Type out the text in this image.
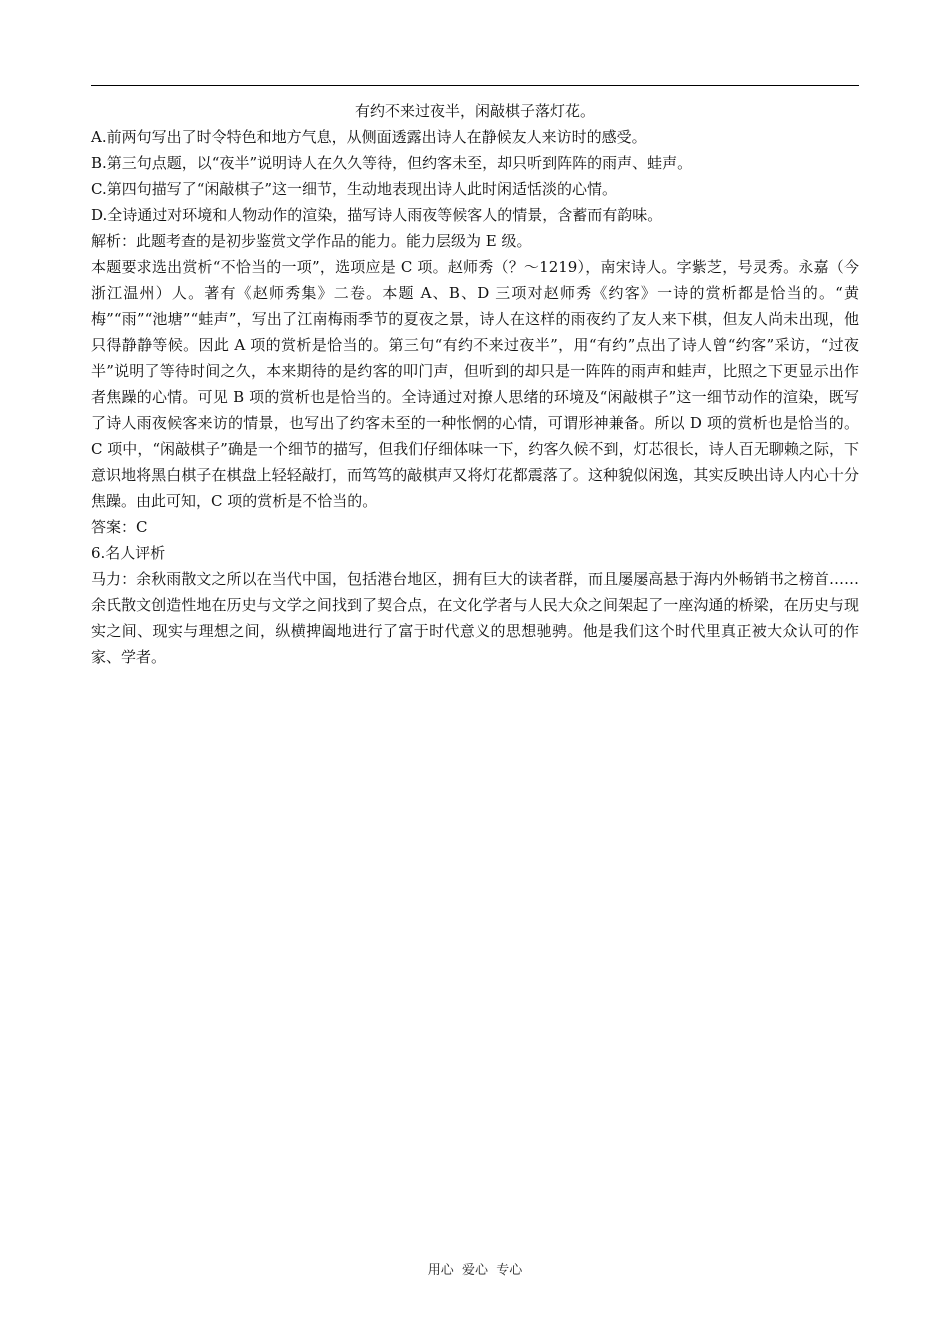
有约不来过夜半，闲敲棋子落灯花。

A.前两句写出了时令特色和地方气息，从侧面透露出诗人在静候友人来访时的感受。

B.第三句点题，以“夜半”说明诗人在久久等待，但约客未至，却只听到阵阵的雨声、蛙声。

C.第四句描写了“闲敲棋子”这一细节，生动地表现出诗人此时闲适恬淡的心情。

D.全诗通过对环境和人物动作的渲染，描写诗人雨夜等候客人的情景，含蓄而有韵味。

解析：此题考查的是初步鉴赏文学作品的能力。能力层级为 E 级。

本题要求选出赏析“不恰当的一项”，选项应是 C 项。赵师秀（？～1219），南宋诗人。字紫芝，号灵秀。永嘉（今浙江温州）人。著有《赵师秀集》二卷。本题 A、B、D 三项对赵师秀《约客》一诗的赏析都是恰当的。“黄梅”“雨”“池塘”“蛙声”，写出了江南梅雨季节的夏夜之景，诗人在这样的雨夜约了友人来下棋，但友人尚未出现，他只得静静等候。因此 A 项的赏析是恰当的。第三句“有约不来过夜半”，用“有约”点出了诗人曾“约客”采访，“过夜半”说明了等待时间之久，本来期待的是约客的叩门声，但听到的却只是一阵阵的雨声和蛙声，比照之下更显示出作者焦躁的心情。可见 B 项的赏析也是恰当的。全诗通过对撩人思绪的环境及“闲敲棋子”这一细节动作的渲染，既写了诗人雨夜候客来访的情景，也写出了约客未至的一种怅惘的心情，可谓形神兼备。所以 D 项的赏析也是恰当的。C 项中，“闲敲棋子”确是一个细节的描写，但我们仔细体味一下，约客久候不到，灯芯很长，诗人百无聊赖之际，下意识地将黑白棋子在棋盘上轻轻敲打，而笃笃的敲棋声又将灯花都震落了。这种貌似闲逸，其实反映出诗人内心十分焦躁。由此可知，C 项的赏析是不恰当的。

答案：C

6.名人评析

马力：余秋雨散文之所以在当代中国，包括港台地区，拥有巨大的读者群，而且屡屡高悬于海内外畅销书之榜首……余氏散文创造性地在历史与文学之间找到了契合点，在文化学者与人民大众之间架起了一座沟通的桥梁，在历史与现实之间、现实与理想之间，纵横捭阖地进行了富于时代意义的思想驰骋。他是我们这个时代里真正被大众认可的作家、学者。

用心  爱心  专心
